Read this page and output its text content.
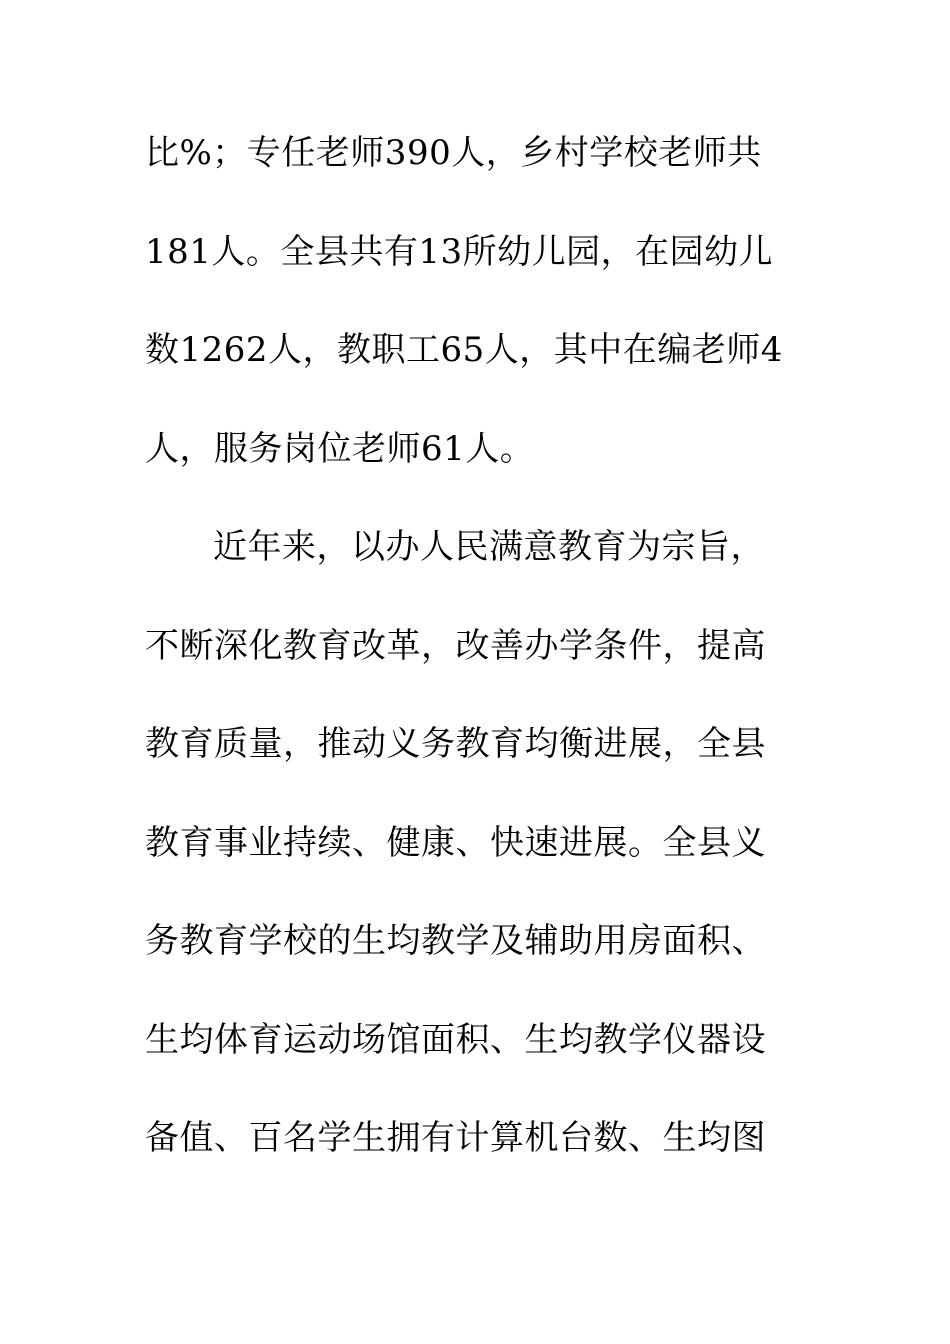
比%；专任老师390人，乡村学校老师共
181人。全县共有13所幼儿园，在园幼儿
数1262人，教职工65人，其中在编老师4
人，服务岗位老师61人。
近年来，以办人民满意教育为宗旨，
不断深化教育改革，改善办学条件，提高
教育质量，推动义务教育均衡进展，全县
教育事业持续、健康、快速进展。全县义
务教育学校的生均教学及辅助用房面积、
生均体育运动场馆面积、生均教学仪器设
备值、百名学生拥有计算机台数、生均图
